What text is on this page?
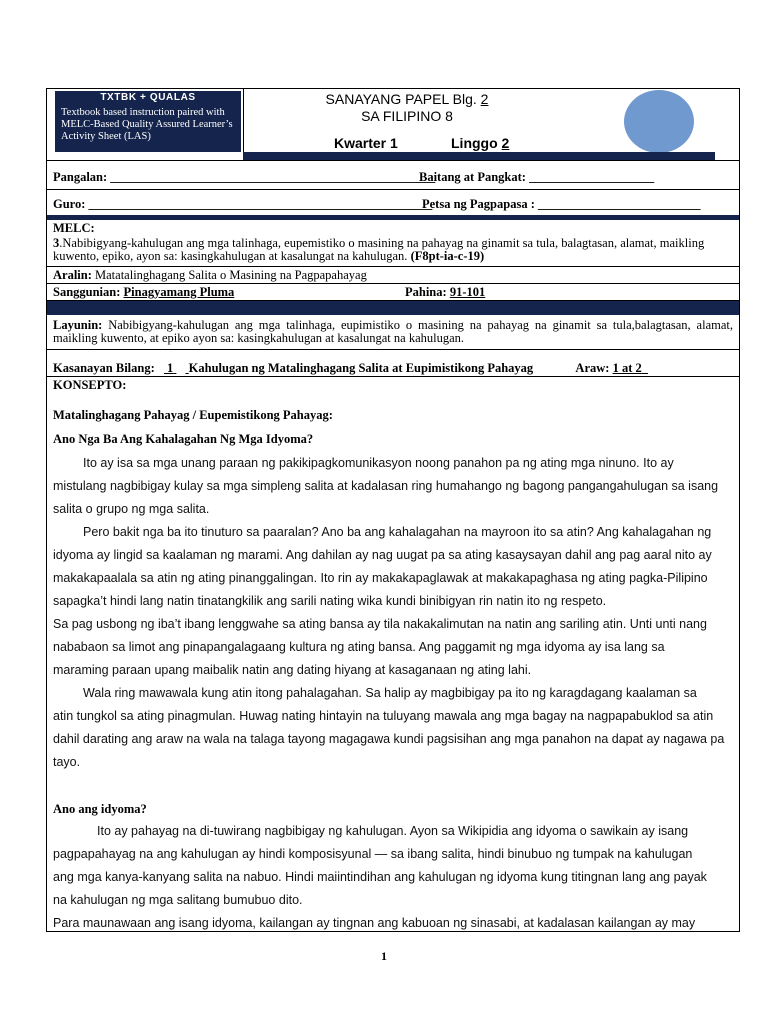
TXTBK + QUALAS
Textbook based instruction paired with MELC-Based Quality Assured Learner’s Activity Sheet (LAS)
SANAYANG PAPEL Blg. 2
SA FILIPINO 8
Kwarter 1	Linggo 2
Pangalan: ____________________________________________________
Baitang at Pangkat: ____________________
Guro: _______________________________________________________
Petsa ng Pagpapasa : __________________________
MELC:
3.Nabibigyang-kahulugan ang mga talinhaga, eupemistiko o masining na pahayag na ginamit sa tula, balagtasan, alamat, maikling kuwento, epiko, ayon sa: kasingkahulugan at kasalungat na kahulugan. (F8pt-ia-c-19)
Aralin: Matatalinghagang Salita o Masining na Pagpapahayag
Sanggunian: Pinagyamang Pluma	Pahina: 91-101
Layunin: Nabibigyang-kahulugan ang mga talinhaga, eupimistiko o masining na pahayag na ginamit sa tula,balagtasan, alamat, maikling kuwento, at epiko ayon sa: kasingkahulugan at kasalungat na kahulugan.
Kasanayan Bilang: 1 Kahulugan ng Matalinghagang Salita at Eupimistikong Pahayag	Araw: 1 at 2
KONSEPTO:
Matalinghagang Pahayag / Eupemistikong Pahayag:
Ano Nga Ba Ang Kahalagahan Ng Mga Idyoma?
Ito ay isa sa mga unang paraan ng pakikipagkomunikasyon noong panahon pa ng ating mga ninuno. Ito ay
mistulang nagbibigay kulay sa mga simpleng salita at kadalasan ring humahango ng bagong pangangahulugan sa isang
salita o grupo ng mga salita.
Pero bakit nga ba ito tinuturo sa paaralan? Ano ba ang kahalagahan na mayroon ito sa atin? Ang kahalagahan ng
idyoma ay lingid sa kaalaman ng marami. Ang dahilan ay nag uugat pa sa ating kasaysayan dahil ang pag aaral nito ay
makakapaalala sa atin ng ating pinanggalingan. Ito rin ay makakapaglawak at makakapaghasa ng ating pagka-Pilipino
sapagka’t hindi lang natin tinatangkilik ang sarili nating wika kundi binibigyan rin natin ito ng respeto.
Sa pag usbong ng iba’t ibang lenggwahe sa ating bansa ay tila nakakalimutan na natin ang sariling atin. Unti unti nang
nababaon sa limot ang pinapangalagaang kultura ng ating bansa. Ang paggamit ng mga idyoma ay isa lang sa
maraming paraan upang maibalik natin ang dating hiyang at kasaganaan ng ating lahi.
Wala ring mawawala kung atin itong pahalagahan. Sa halip ay magbibigay pa ito ng karagdagang kaalaman sa
atin tungkol sa ating pinagmulan. Huwag nating hintayin na tuluyang mawala ang mga bagay na nagpapabuklod sa atin
dahil darating ang araw na wala na talaga tayong magagawa kundi pagsisihan ang mga panahon na dapat ay nagawa pa
tayo.
Ano ang idyoma?
Ito ay pahayag na di-tuwirang nagbibigay ng kahulugan. Ayon sa Wikipidia ang idyoma o sawikain ay isang
pagpapahayag na ang kahulugan ay hindi komposisyunal — sa ibang salita, hindi binubuo ng tumpak na kahulugan
ang mga kanya-kanyang salita na nabuo. Hindi maiintindihan ang kahulugan ng idyoma kung titingnan lang ang payak
na kahulugan ng mga salitang bumubuo dito.
Para maunawaan ang isang idyoma, kailangan ay tingnan ang kabuoan ng sinasabi, at kadalasan kailangan ay may
1
